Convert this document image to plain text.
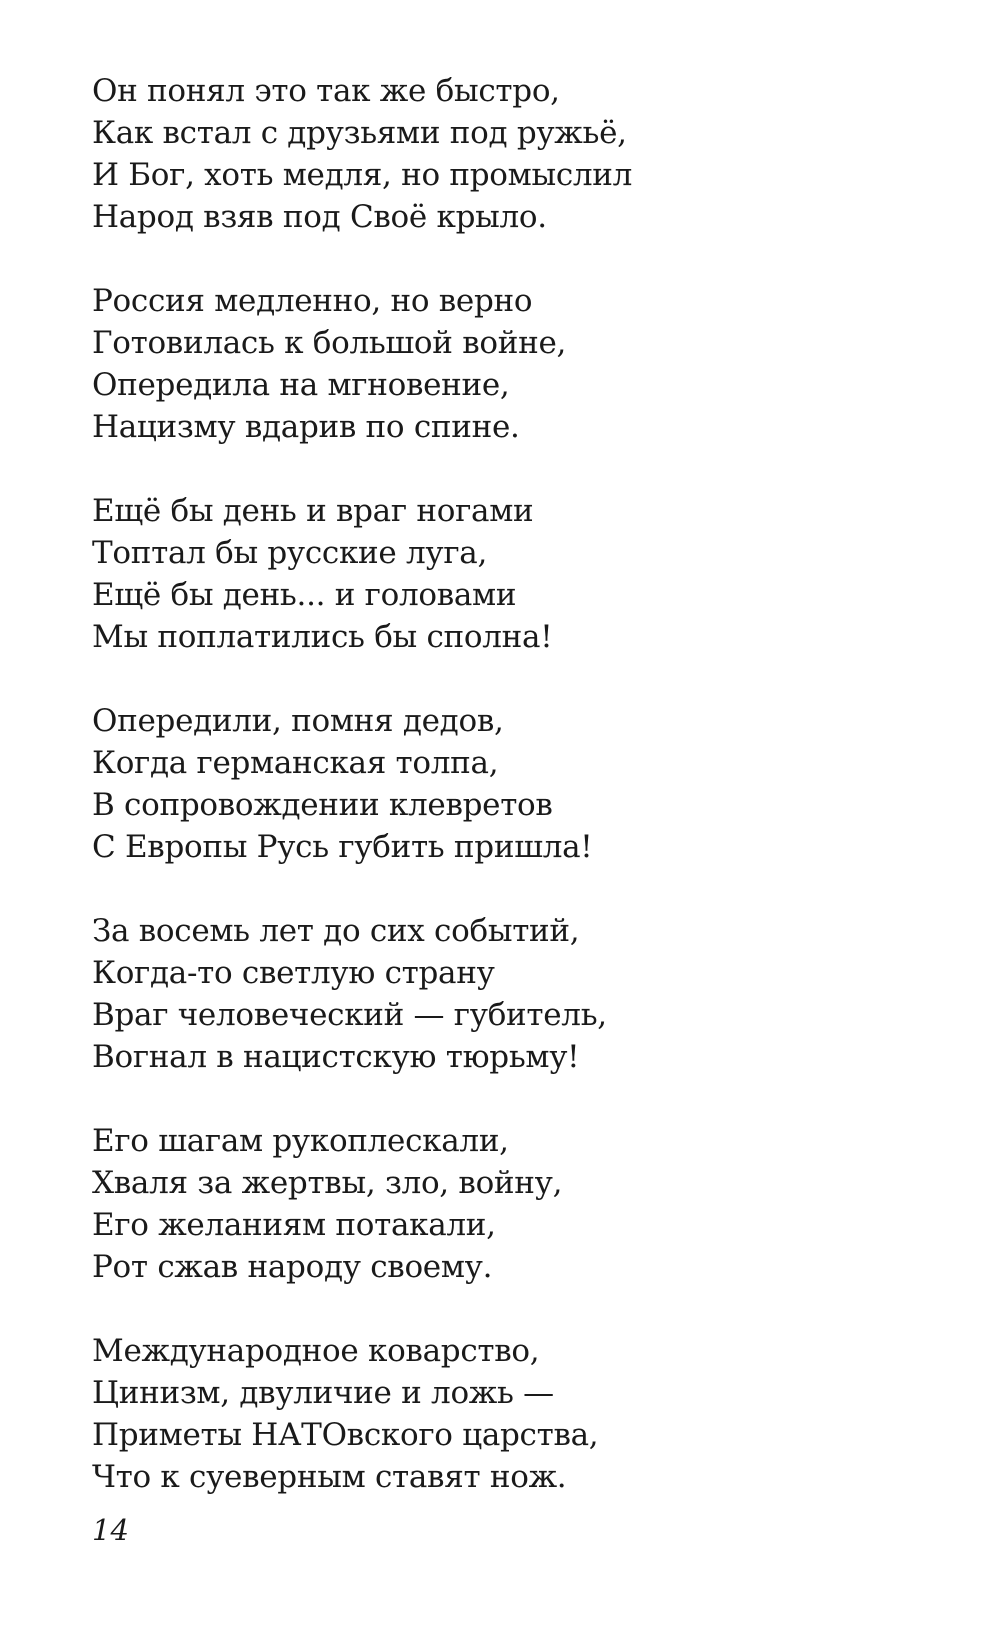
Он понял это так же быстро,
Как встал с друзьями под ружьё,
И Бог, хоть медля, но промыслил
Народ взяв под Своё крыло.
Россия медленно, но верно
Готовилась к большой войне,
Опередила на мгновение,
Нацизму вдарив по спине.
Ещё бы день и враг ногами
Топтал бы русские луга,
Ещё бы день... и головами
Мы поплатились бы сполна!
Опередили, помня дедов,
Когда германская толпа,
В сопровождении клевретов
С Европы Русь губить пришла!
За восемь лет до сих событий,
Когда-то светлую страну
Враг человеческий — губитель,
Вогнал в нацистскую тюрьму!
Его шагам рукоплескали,
Хваля за жертвы, зло, войну,
Его желаниям потакали,
Рот сжав народу своему.
Международное коварство,
Цинизм, двуличие и ложь —
Приметы НАТОвского царства,
Что к суеверным ставят нож.
14
